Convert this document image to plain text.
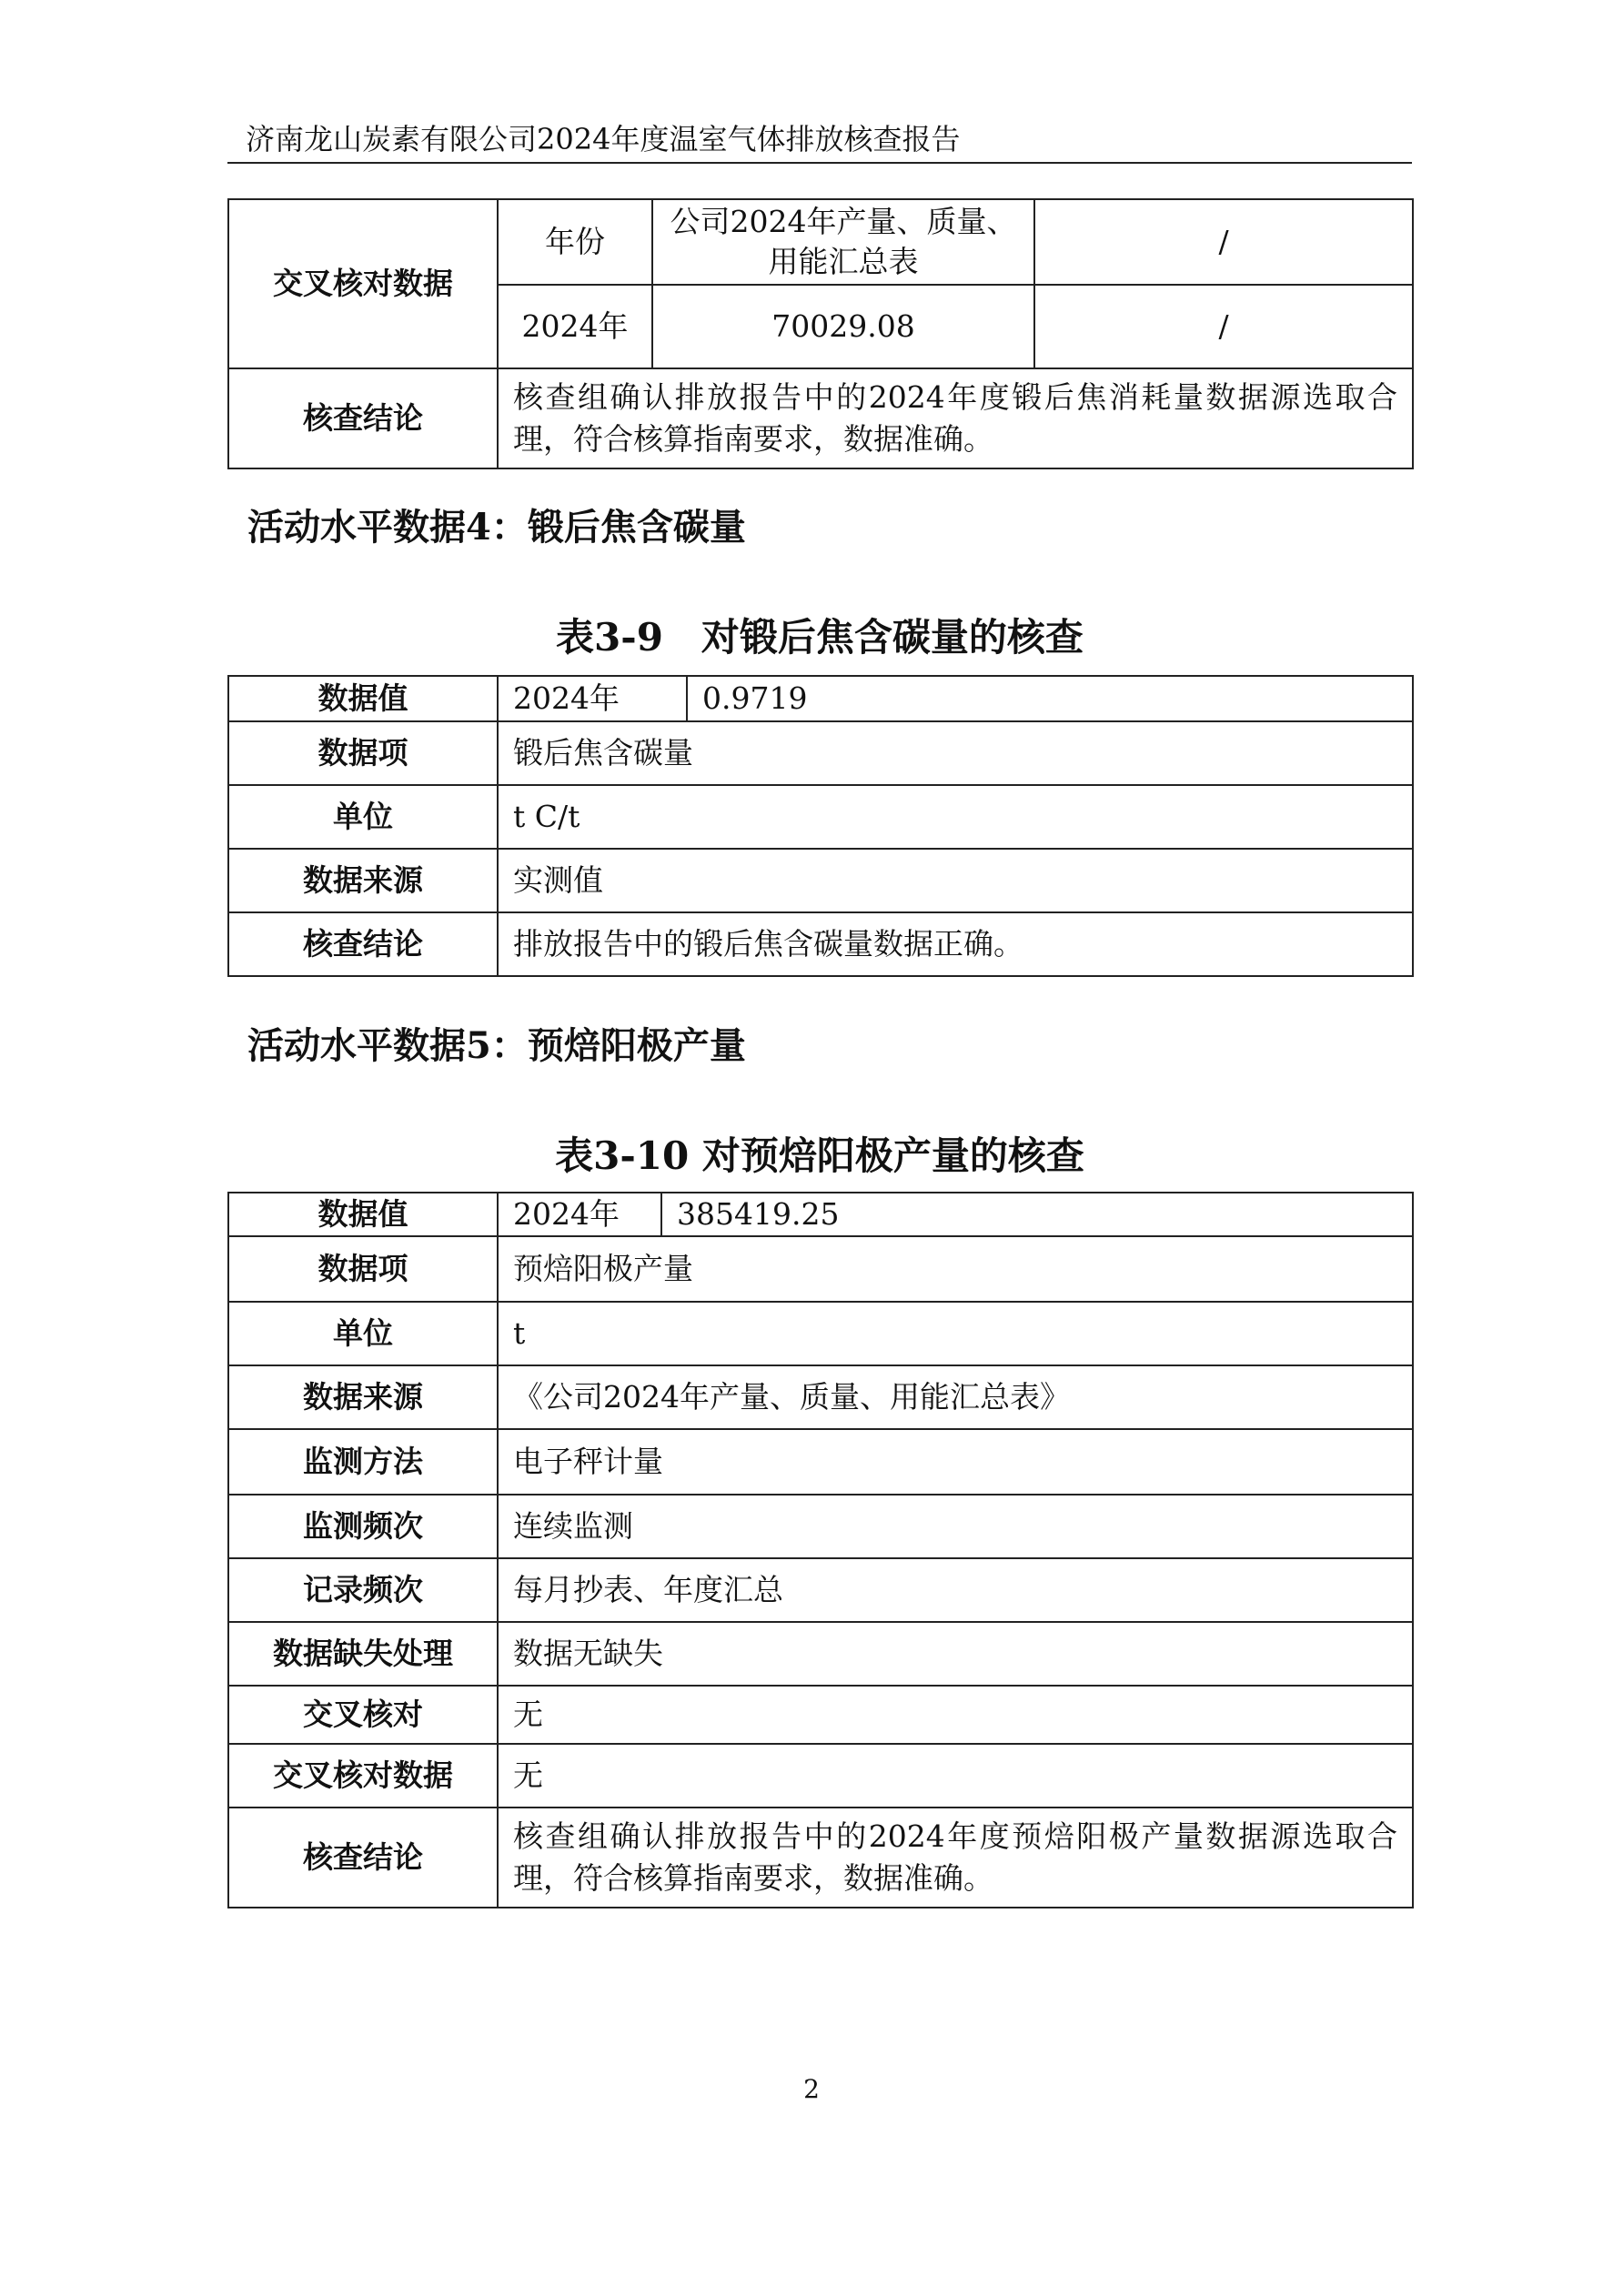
济南龙山炭素有限公司2024年度温室气体排放核查报告
交叉核对数据	年份	公司2024年产量、质量、用能汇总表	/
	2024年	70029.08	/
核查结论	核查组确认排放报告中的2024年度锻后焦消耗量数据源选取合理，符合核算指南要求，数据准确。		
活动水平数据4：锻后焦含碳量
表3-9　对锻后焦含碳量的核查
数据值	2024年	0.9719
数据项	锻后焦含碳量	
单位	t C/t	
数据来源	实测值	
核查结论	排放报告中的锻后焦含碳量数据正确。	
活动水平数据5：预焙阳极产量
表3-10 对预焙阳极产量的核查
数据值	2024年	385419.25
数据项	预焙阳极产量	
单位	t	
数据来源	《公司2024年产量、质量、用能汇总表》	
监测方法	电子秤计量	
监测频次	连续监测	
记录频次	每月抄表、年度汇总	
数据缺失处理	数据无缺失	
交叉核对	无	
交叉核对数据	无	
核查结论	核查组确认排放报告中的2024年度预焙阳极产量数据源选取合理，符合核算指南要求，数据准确。	
2
